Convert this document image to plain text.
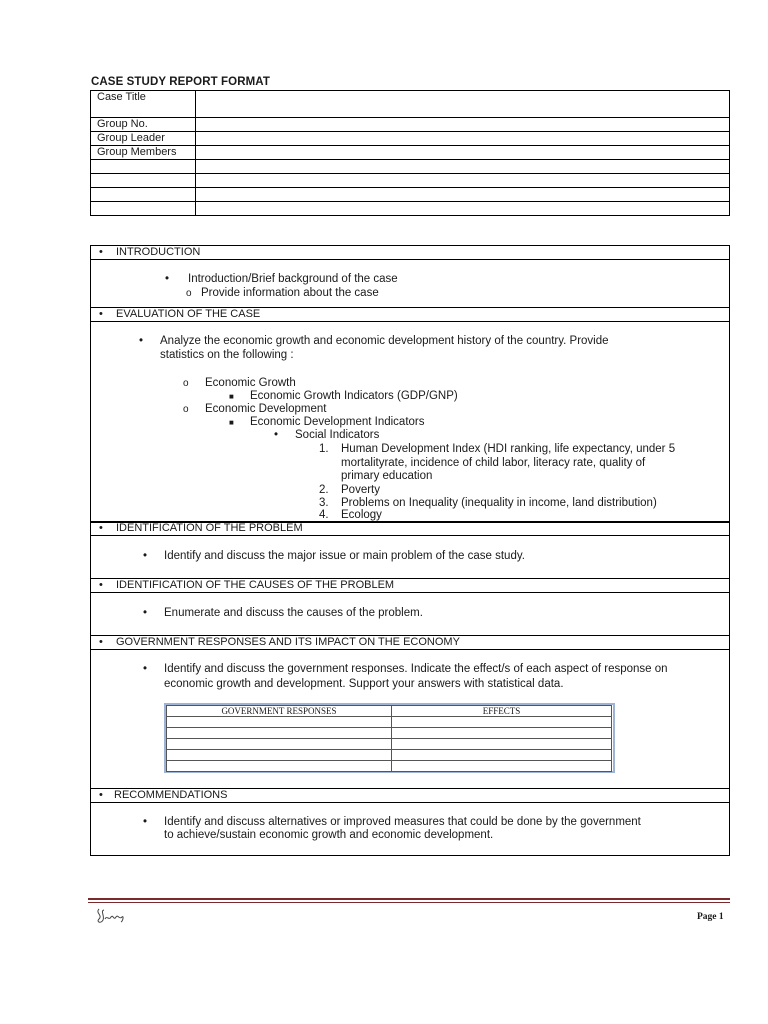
CASE STUDY REPORT FORMAT
Case Title	
Group No.	
Group Leader	
Group Members	

• INTRODUCTION
• Introduction/Brief background of the case
o Provide information about the case
• EVALUATION OF THE CASE
• Analyze the economic growth and economic development history of the country. Provide
statistics on the following :
o Economic Growth
■ Economic Growth Indicators (GDP/GNP)
o Economic Development
■ Economic Development Indicators
• Social Indicators
1. Human Development Index (HDI ranking, life expectancy, under 5
mortalityrate, incidence of child labor, literacy rate, quality of
primary education
2. Poverty
3. Problems on Inequality (inequality in income, land distribution)
4. Ecology
• IDENTIFICATION OF THE PROBLEM
• Identify and discuss the major issue or main problem of the case study.
• IDENTIFICATION OF THE CAUSES OF THE PROBLEM
• Enumerate and discuss the causes of the problem.
• GOVERNMENT RESPONSES AND ITS IMPACT ON THE ECONOMY
• Identify and discuss the government responses. Indicate the effect/s of each aspect of response on
economic growth and development. Support your answers with statistical data.
GOVERNMENT RESPONSES	EFFECTS

• RECOMMENDATIONS
• Identify and discuss alternatives or improved measures that could be done by the government
to achieve/sustain economic growth and economic development.
Page 1
